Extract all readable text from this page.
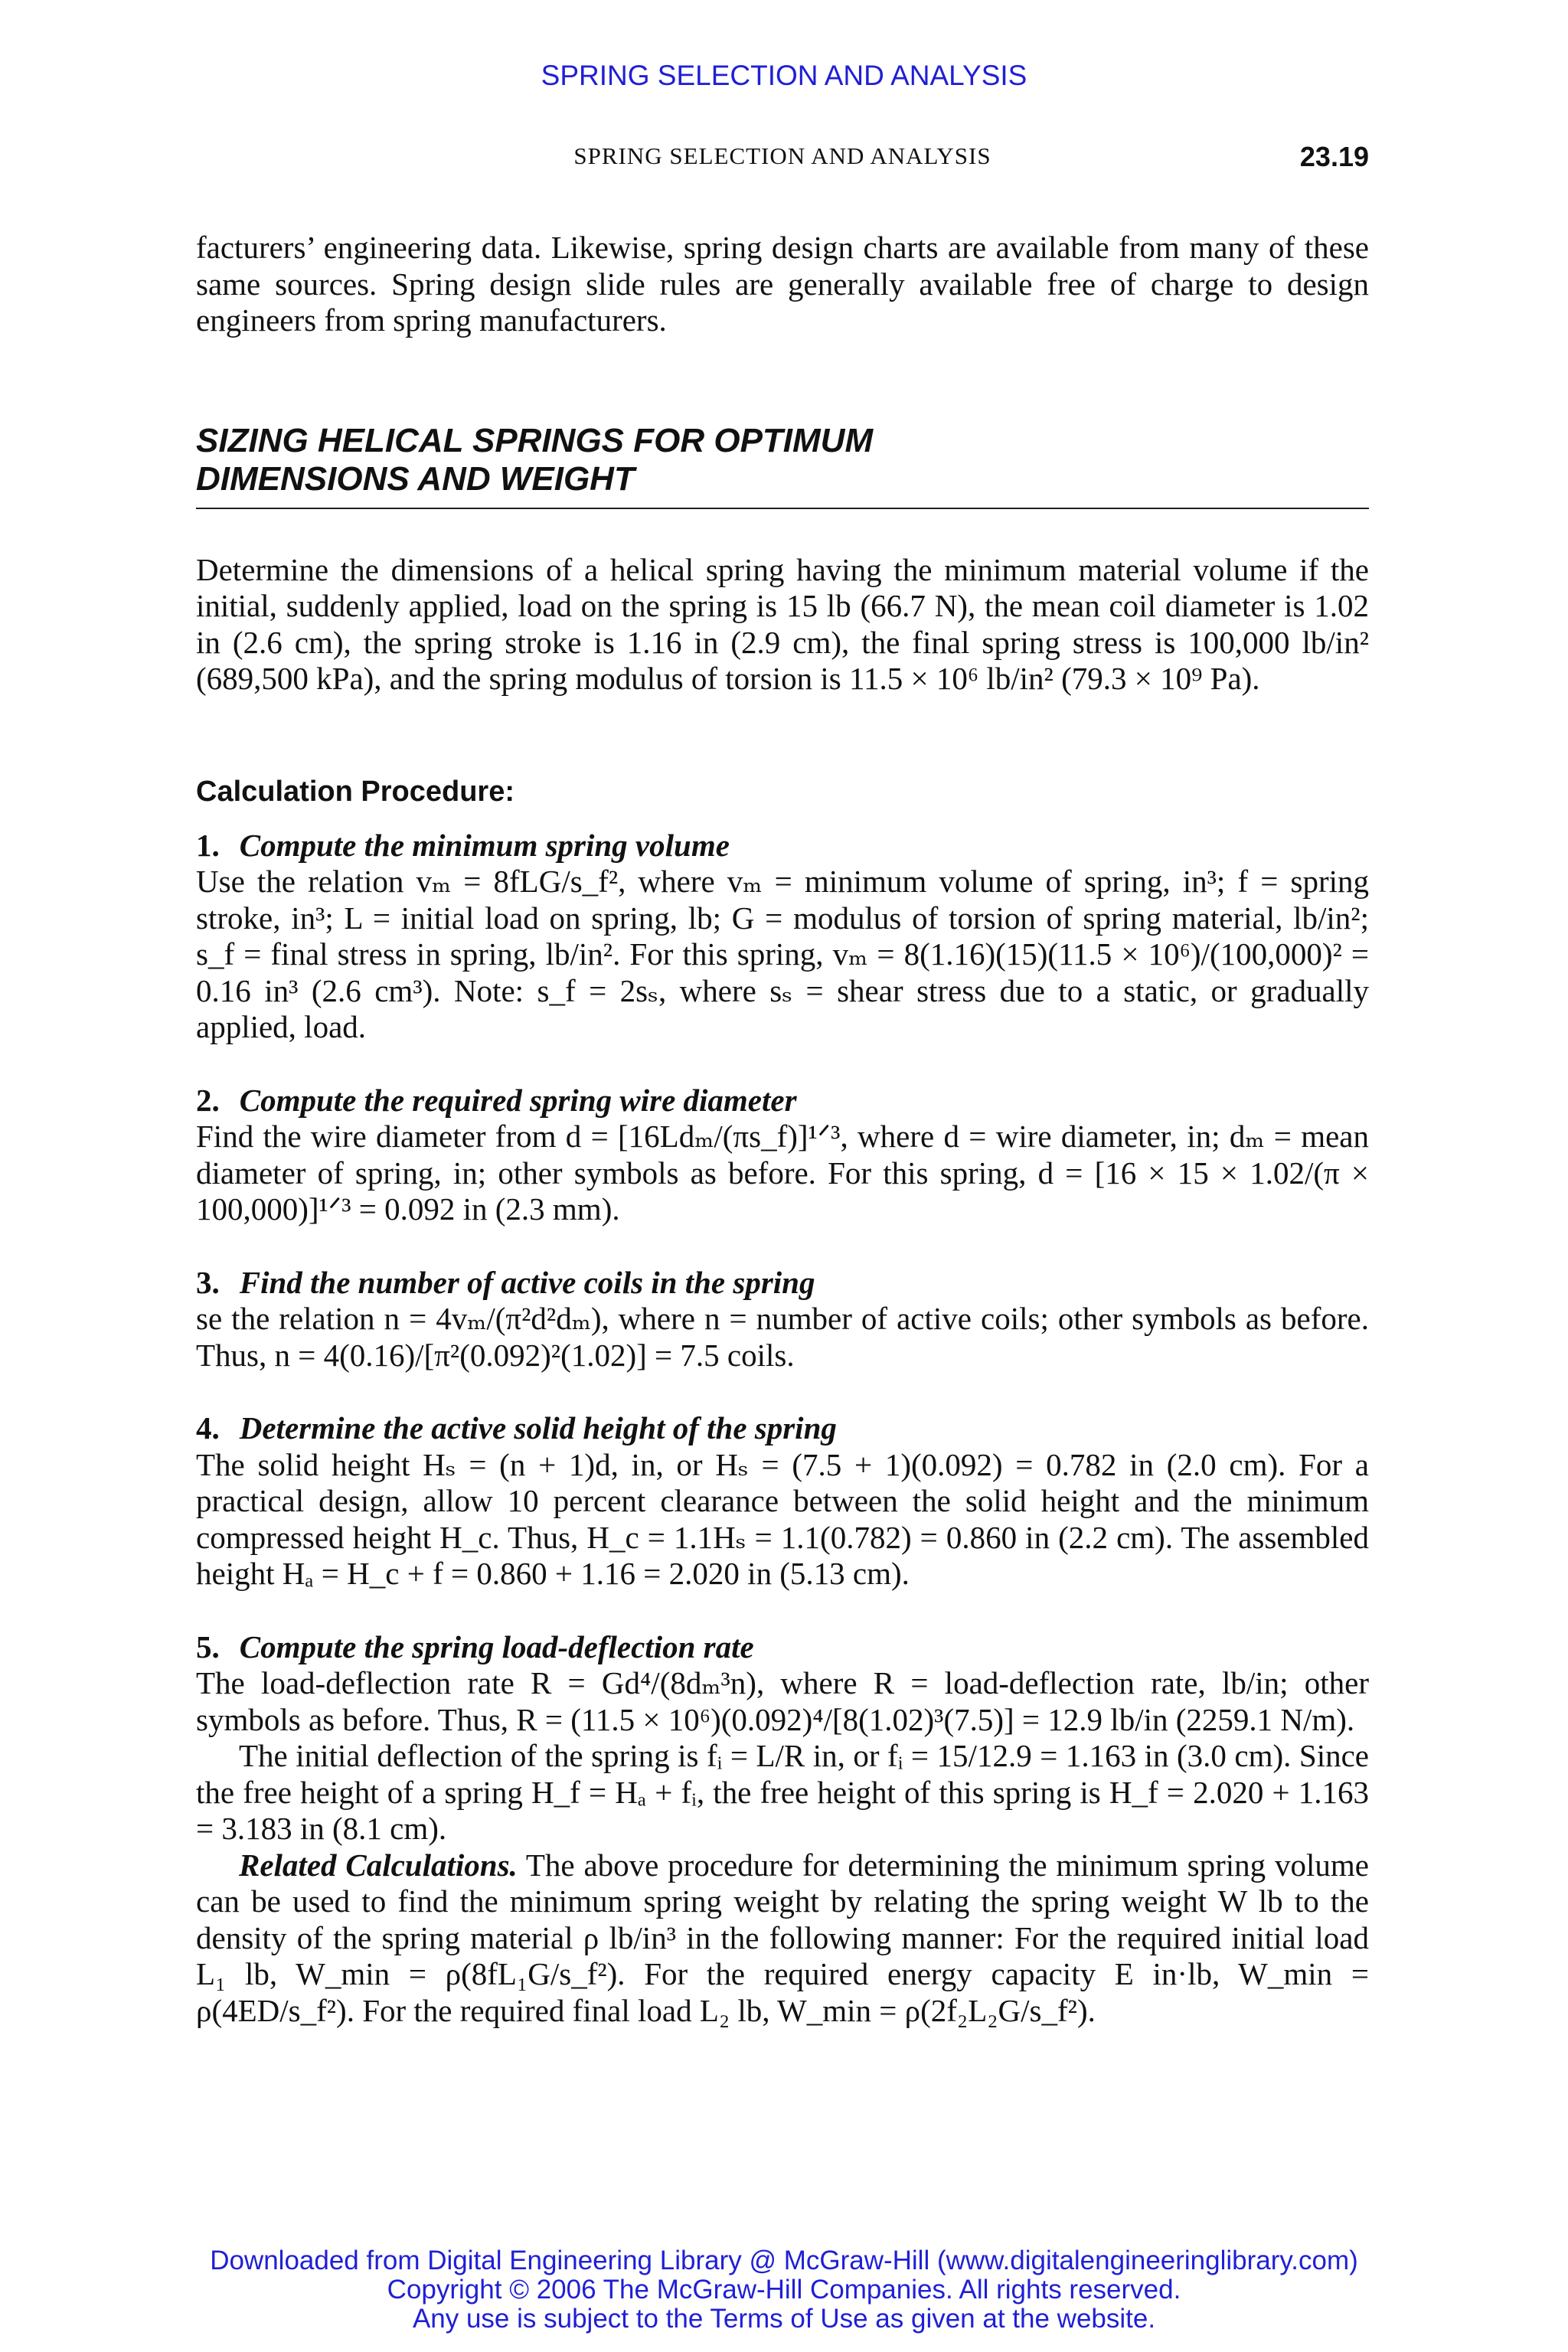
SPRING SELECTION AND ANALYSIS
SPRING SELECTION AND ANALYSIS	23.19

facturers’ engineering data. Likewise, spring design charts are available from many of these same sources. Spring design slide rules are generally available free of charge to design engineers from spring manufacturers.

SIZING HELICAL SPRINGS FOR OPTIMUM
DIMENSIONS AND WEIGHT

Determine the dimensions of a helical spring having the minimum material volume if the initial, suddenly applied, load on the spring is 15 lb (66.7 N), the mean coil diameter is 1.02 in (2.6 cm), the spring stroke is 1.16 in (2.9 cm), the final spring stress is 100,000 lb/in² (689,500 kPa), and the spring modulus of torsion is 11.5 × 10⁶ lb/in² (79.3 × 10⁹ Pa).

Calculation Procedure:
1. Compute the minimum spring volume

Use the relation vₘ = 8fLG/s_f², where vₘ = minimum volume of spring, in³; f = spring stroke, in³; L = initial load on spring, lb; G = modulus of torsion of spring material, lb/in²; s_f = final stress in spring, lb/in². For this spring, vₘ = 8(1.16)(15)(11.5 × 10⁶)/(100,000)² = 0.16 in³ (2.6 cm³). Note: s_f = 2sₛ, where sₛ = shear stress due to a static, or gradually applied, load.

2. Compute the required spring wire diameter

Find the wire diameter from d = [16Ldₘ/(πs_f)]¹ᐟ³, where d = wire diameter, in; dₘ = mean diameter of spring, in; other symbols as before. For this spring, d = [16 × 15 × 1.02/(π × 100,000)]¹ᐟ³ = 0.092 in (2.3 mm).

3. Find the number of active coils in the spring

se the relation n = 4vₘ/(π²d²dₘ), where n = number of active coils; other symbols as before. Thus, n = 4(0.16)/[π²(0.092)²(1.02)] = 7.5 coils.

4. Determine the active solid height of the spring

The solid height Hₛ = (n + 1)d, in, or Hₛ = (7.5 + 1)(0.092) = 0.782 in (2.0 cm). For a practical design, allow 10 percent clearance between the solid height and the minimum compressed height H_c. Thus, H_c = 1.1Hₛ = 1.1(0.782) = 0.860 in (2.2 cm). The assembled height Hₐ = H_c + f = 0.860 + 1.16 = 2.020 in (5.13 cm).

5. Compute the spring load-deflection rate

The load-deflection rate R = Gd⁴/(8dₘ³n), where R = load-deflection rate, lb/in; other symbols as before. Thus, R = (11.5 × 10⁶)(0.092)⁴/[8(1.02)³(7.5)] = 12.9 lb/in (2259.1 N/m).

The initial deflection of the spring is fᵢ = L/R in, or fᵢ = 15/12.9 = 1.163 in (3.0 cm). Since the free height of a spring H_f = Hₐ + fᵢ, the free height of this spring is H_f = 2.020 + 1.163 = 3.183 in (8.1 cm).

Related Calculations. The above procedure for determining the minimum spring volume can be used to find the minimum spring weight by relating the spring weight W lb to the density of the spring material ρ lb/in³ in the following manner: For the required initial load L₁ lb, W_min = ρ(8fL₁G/s_f²). For the required energy capacity E in·lb, W_min = ρ(4ED/s_f²). For the required final load L₂ lb, W_min = ρ(2f₂L₂G/s_f²).

Downloaded from Digital Engineering Library @ McGraw-Hill (www.digitalengineeringlibrary.com)
Copyright © 2006 The McGraw-Hill Companies. All rights reserved.
Any use is subject to the Terms of Use as given at the website.
